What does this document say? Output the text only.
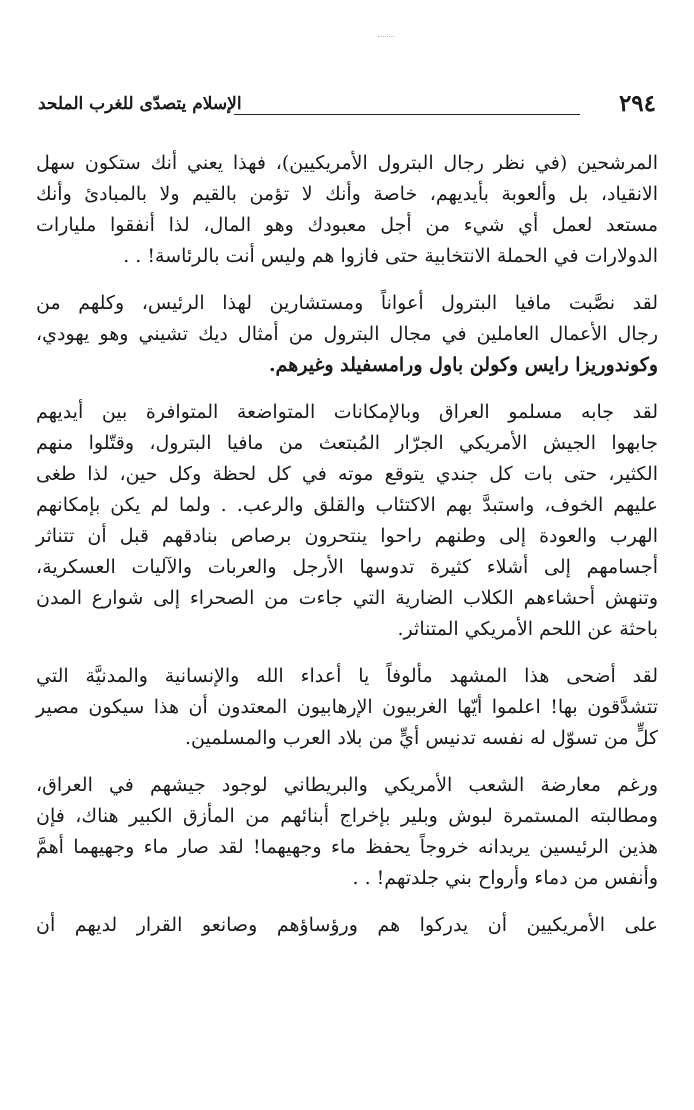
٢٩٤
الإسلام يتصدّى للغرب الملحد

المرشحين (في نظر رجال البترول الأمريكيين)، فهذا يعني أنك ستكون سهل
الانقياد، بل وألعوبة بأيديهم، خاصة وأنك لا تؤمن بالقيم ولا بالمبادئ وأنك
مستعد لعمل أي شيء من أجل معبودك وهو المال، لذا أنفقوا مليارات
الدولارات في الحملة الانتخابية حتى فازوا هم وليس أنت بالرئاسة! . .

لقد نصَّبت مافيا البترول أعواناً ومستشارين لهذا الرئيس، وكلهم من
رجال الأعمال العاملين في مجال البترول من أمثال ديك تشيني وهو يهودي،
وكوندوريزا رايس وكولن باول ورامسفيلد وغيرهم.

لقد جابه مسلمو العراق وبالإمكانات المتواضعة المتوافرة بين أيديهم
جابهوا الجيش الأمريكي الجرّار المُبتعث من مافيا البترول، وقتّلوا منهم
الكثير، حتى بات كل جندي يتوقع موته في كل لحظة وكل حين، لذا طغى
عليهم الخوف، واستبدَّ بهم الاكتئاب والقلق والرعب. . ولما لم يكن بإمكانهم
الهرب والعودة إلى وطنهم راحوا ينتحرون برصاص بنادقهم قبل أن تتناثر
أجسامهم إلى أشلاء كثيرة تدوسها الأرجل والعربات والآليات العسكرية،
وتنهش أحشاءهم الكلاب الضارية التي جاءت من الصحراء إلى شوارع المدن
باحثة عن اللحم الأمريكي المتناثر.

لقد أضحى هذا المشهد مألوفاً يا أعداء الله والإنسانية والمدنيَّة التي
تتشدَّقون بها! اعلموا أيّها الغربيون الإرهابيون المعتدون أن هذا سيكون مصير
كلٍّ من تسوّل له نفسه تدنيس أيٍّ من بلاد العرب والمسلمين.

ورغم معارضة الشعب الأمريكي والبريطاني لوجود جيشهم في العراق،
ومطالبته المستمرة لبوش وبلير بإخراج أبنائهم من المأزق الكبير هناك، فإن
هذين الرئيسين يريدانه خروجاً يحفظ ماء وجهيهما! لقد صار ماء وجهيهما أهمَّ
وأنفس من دماء وأرواح بني جلدتهم! . .

على الأمريكيين أن يدركوا هم ورؤساؤهم وصانعو القرار لديهم أن
